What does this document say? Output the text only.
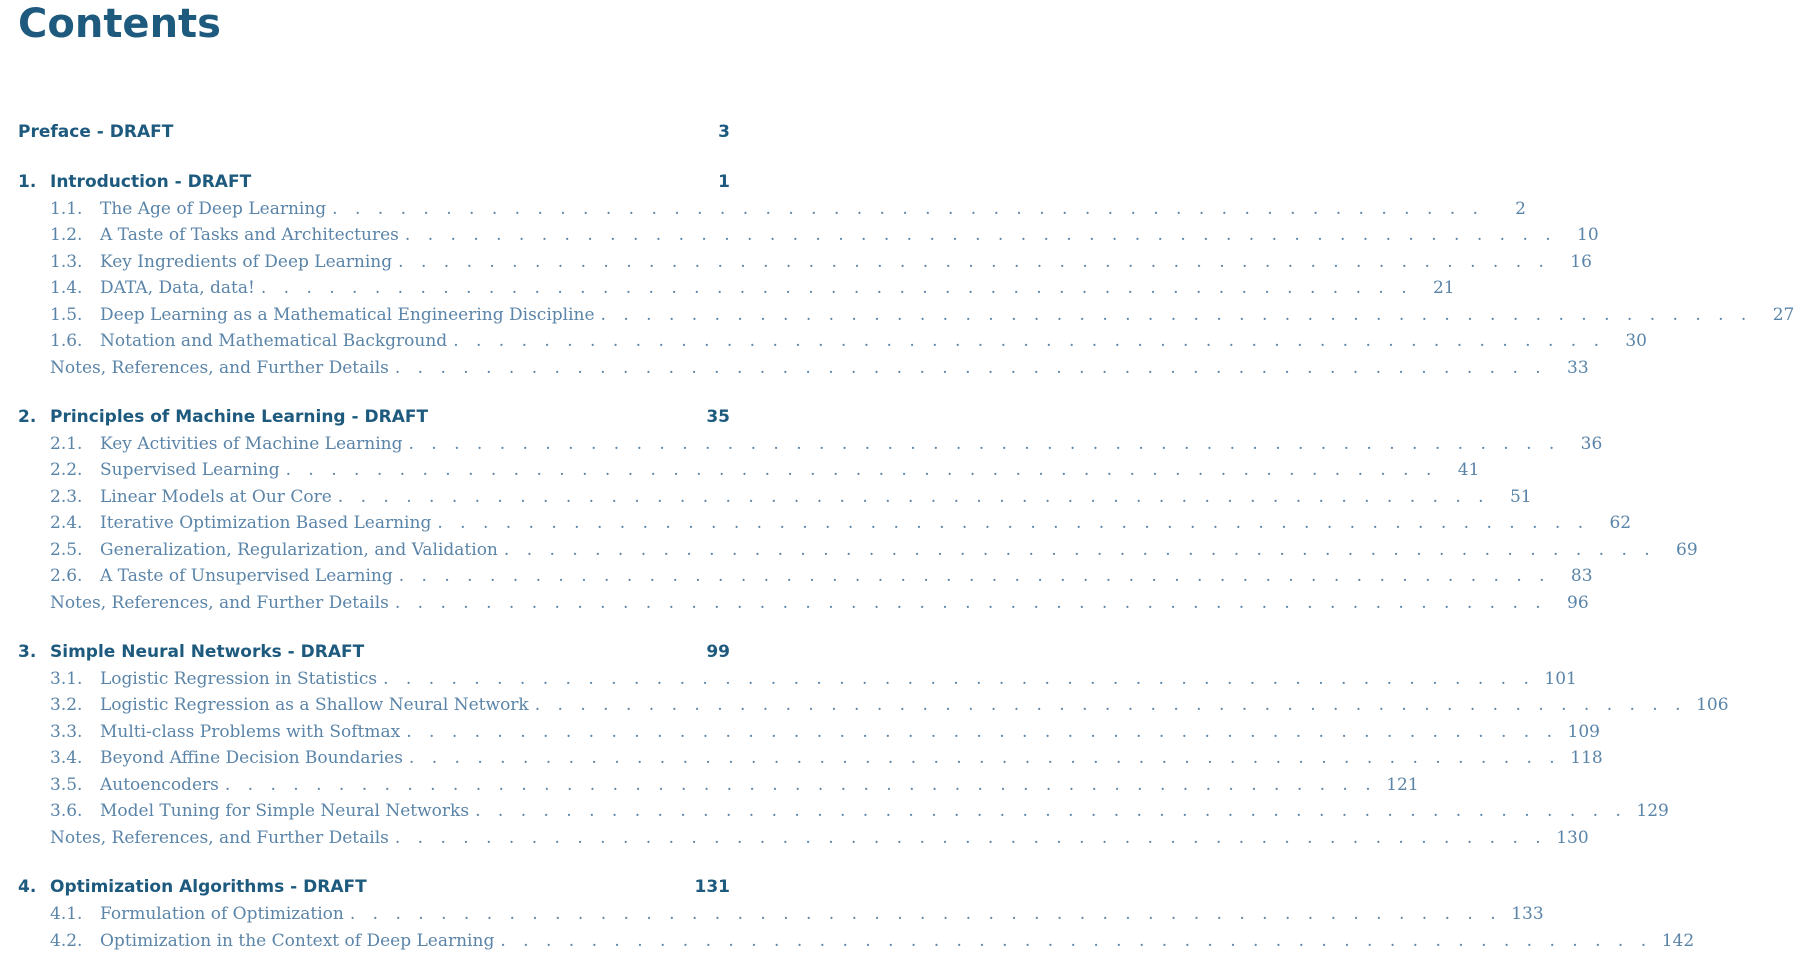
Contents
Preface - DRAFT	3
1. Introduction - DRAFT	1
1.1.	The Age of Deep Learning . . . . . . . . . . . . . . . . . . . . . . . . . . . . . . . . . . . . . . . . . . . . . . . . . . .	2
1.2.	A Taste of Tasks and Architectures . . . . . . . . . . . . . . . . . . . . . . . . . . . . . . . . . . . . . . . . . . . . . . . . . . .	10
1.3.	Key Ingredients of Deep Learning . . . . . . . . . . . . . . . . . . . . . . . . . . . . . . . . . . . . . . . . . . . . . . . . . . .	16
1.4.	DATA, Data, data! . . . . . . . . . . . . . . . . . . . . . . . . . . . . . . . . . . . . . . . . . . . . . . . . . . .	21
1.5.	Deep Learning as a Mathematical Engineering Discipline . . . . . . . . . . . . . . . . . . . . . . . . . . . . . . . . . . . . . . . . . . . . . . . . . . .	27
1.6.	Notation and Mathematical Background . . . . . . . . . . . . . . . . . . . . . . . . . . . . . . . . . . . . . . . . . . . . . . . . . . .	30
Notes, References, and Further Details . . . . . . . . . . . . . . . . . . . . . . . . . . . . . . . . . . . . . . . . . . . . . . . . . . .	33
2. Principles of Machine Learning - DRAFT	35
2.1.	Key Activities of Machine Learning . . . . . . . . . . . . . . . . . . . . . . . . . . . . . . . . . . . . . . . . . . . . . . . . . . .	36
2.2.	Supervised Learning . . . . . . . . . . . . . . . . . . . . . . . . . . . . . . . . . . . . . . . . . . . . . . . . . . .	41
2.3.	Linear Models at Our Core . . . . . . . . . . . . . . . . . . . . . . . . . . . . . . . . . . . . . . . . . . . . . . . . . . .	51
2.4.	Iterative Optimization Based Learning . . . . . . . . . . . . . . . . . . . . . . . . . . . . . . . . . . . . . . . . . . . . . . . . . . .	62
2.5.	Generalization, Regularization, and Validation . . . . . . . . . . . . . . . . . . . . . . . . . . . . . . . . . . . . . . . . . . . . . . . . . . .	69
2.6.	A Taste of Unsupervised Learning . . . . . . . . . . . . . . . . . . . . . . . . . . . . . . . . . . . . . . . . . . . . . . . . . . .	83
Notes, References, and Further Details . . . . . . . . . . . . . . . . . . . . . . . . . . . . . . . . . . . . . . . . . . . . . . . . . . .	96
3. Simple Neural Networks - DRAFT	99
3.1.	Logistic Regression in Statistics . . . . . . . . . . . . . . . . . . . . . . . . . . . . . . . . . . . . . . . . . . . . . . . . . . . 101
3.2.	Logistic Regression as a Shallow Neural Network . . . . . . . . . . . . . . . . . . . . . . . . . . . . . . . . . . . . . . . . . . . . . . . . . . . 106
3.3.	Multi-class Problems with Softmax . . . . . . . . . . . . . . . . . . . . . . . . . . . . . . . . . . . . . . . . . . . . . . . . . . . 109
3.4.	Beyond Affine Decision Boundaries . . . . . . . . . . . . . . . . . . . . . . . . . . . . . . . . . . . . . . . . . . . . . . . . . . . 118
3.5.	Autoencoders . . . . . . . . . . . . . . . . . . . . . . . . . . . . . . . . . . . . . . . . . . . . . . . . . . . 121
3.6.	Model Tuning for Simple Neural Networks . . . . . . . . . . . . . . . . . . . . . . . . . . . . . . . . . . . . . . . . . . . . . . . . . . . 129
Notes, References, and Further Details . . . . . . . . . . . . . . . . . . . . . . . . . . . . . . . . . . . . . . . . . . . . . . . . . . . 130
4. Optimization Algorithms - DRAFT	131
4.1.	Formulation of Optimization . . . . . . . . . . . . . . . . . . . . . . . . . . . . . . . . . . . . . . . . . . . . . . . . . . . 133
4.2.	Optimization in the Context of Deep Learning . . . . . . . . . . . . . . . . . . . . . . . . . . . . . . . . . . . . . . . . . . . . . . . . . . . 142
